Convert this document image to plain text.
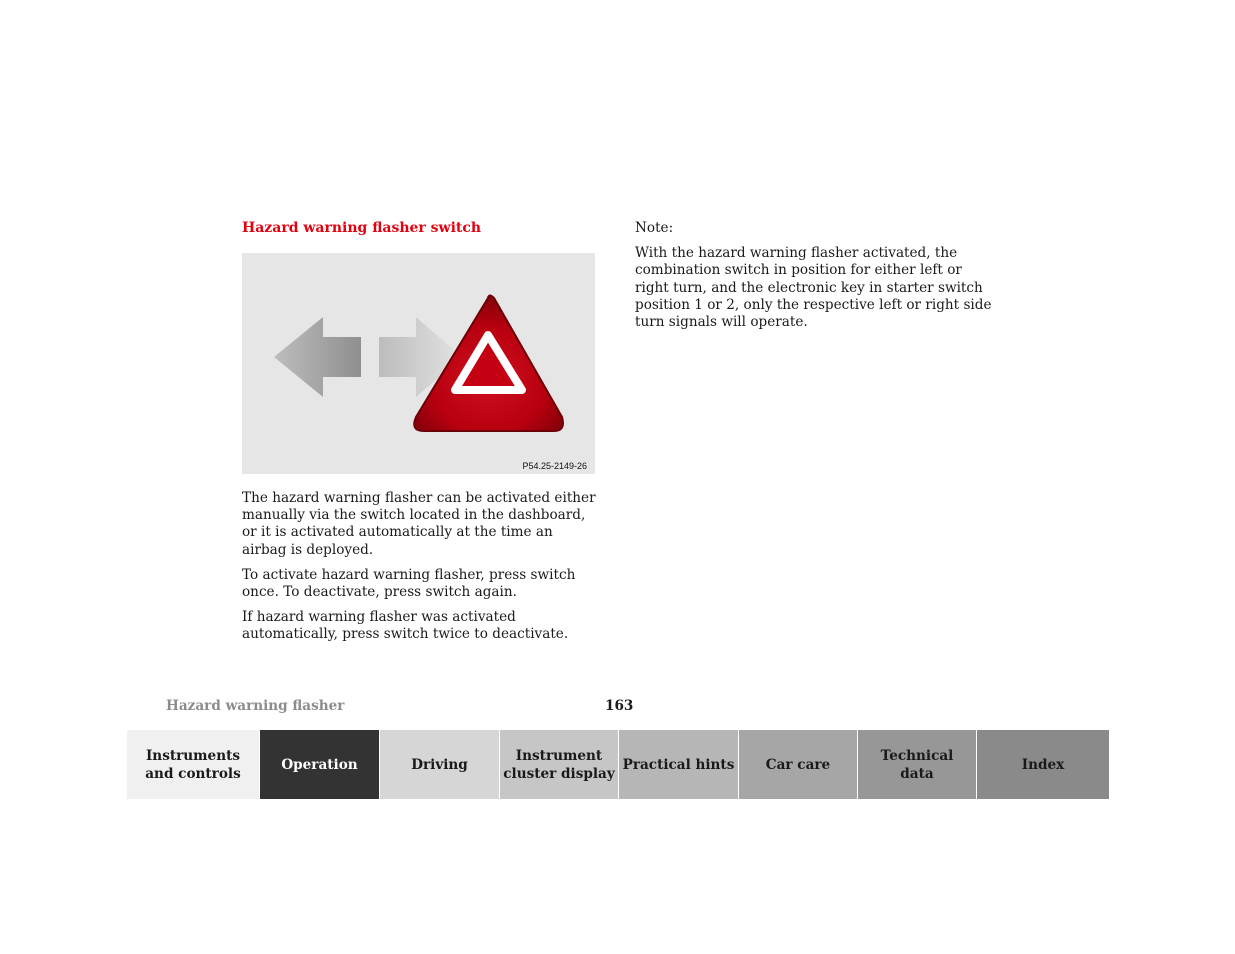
Hazard warning flasher switch
P54.25-2149-26

The hazard warning flasher can be activated either manually via the switch located in the dashboard, or it is activated automatically at the time an airbag is deployed.

To activate hazard warning flasher, press switch once. To deactivate, press switch again.

If hazard warning flasher was activated automatically, press switch twice to deactivate.

Note:

With the hazard warning flasher activated, the combination switch in position for either left or right turn, and the electronic key in starter switch position 1 or 2, only the respective left or right side turn signals will operate.

Hazard warning flasher	163
Instruments
and controls
Operation	Driving
Instrument
cluster display
Practical hints	Car care
Technical
data
Index
